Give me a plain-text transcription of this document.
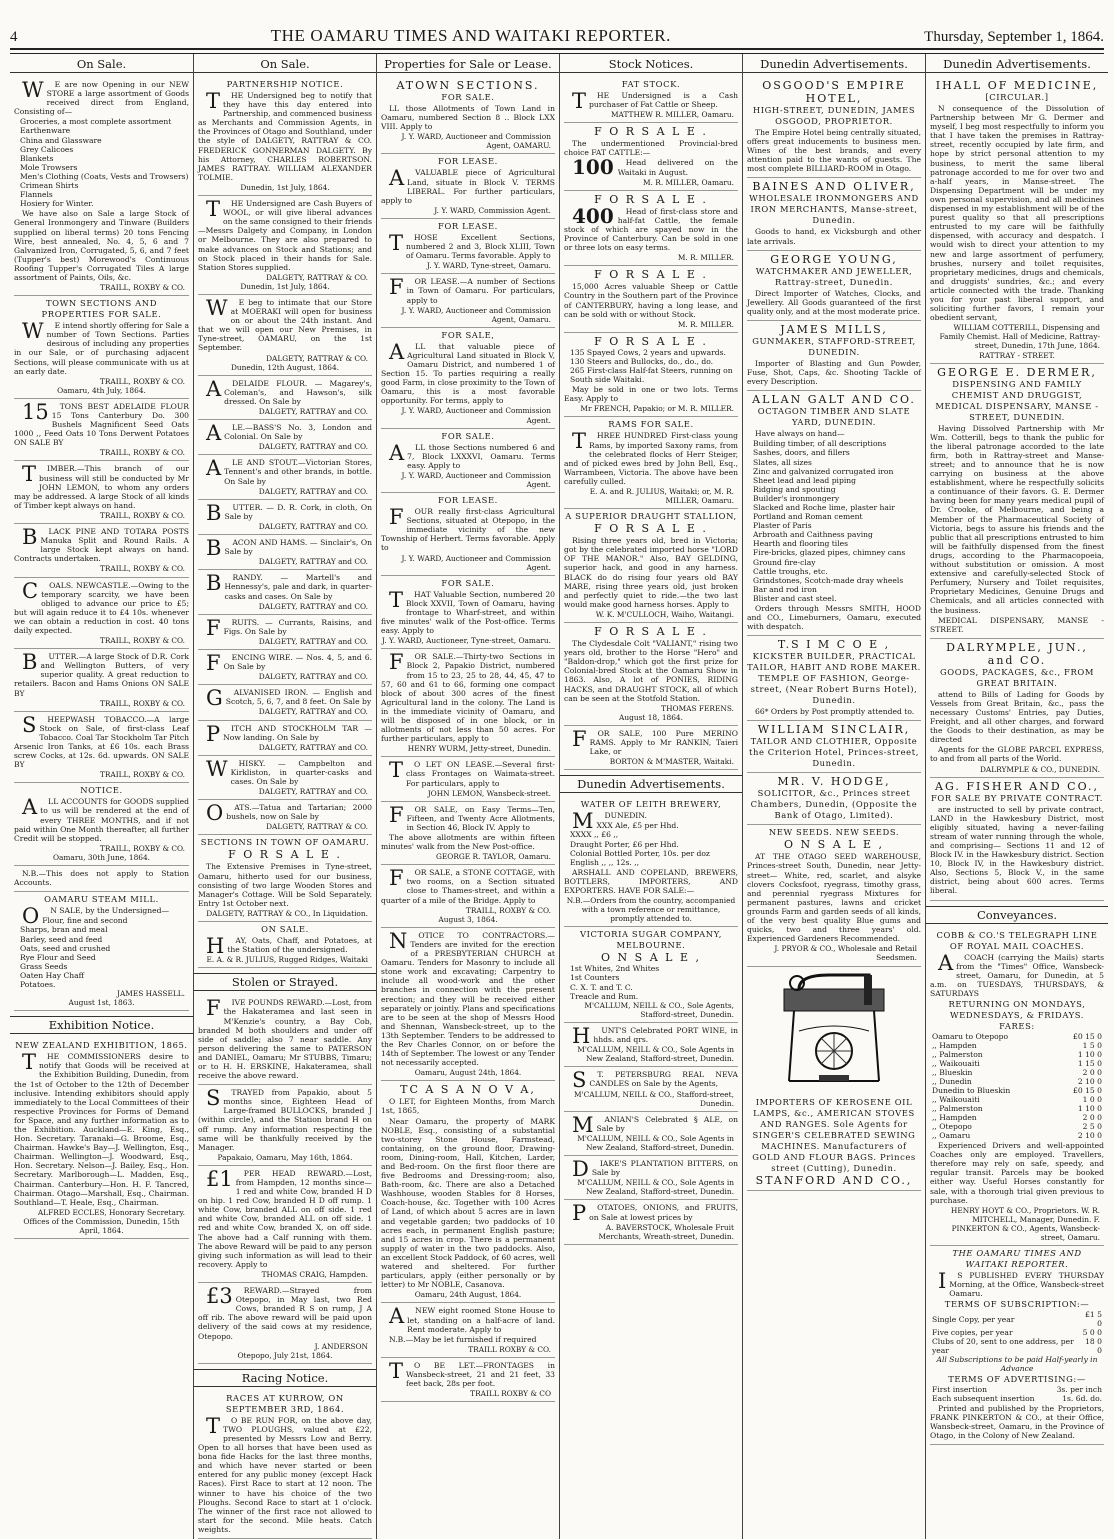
4	THE OAMARU TIMES AND WAITAKI REPORTER.	Thursday, September 1, 1864.
On Sale.

W E are now Opening in our NEW STORE a large assortment of Goods received direct from England, Consisting of—

Groceries, a most complete assortment
Earthenware
China and Glassware
Grey Calicoes
Blankets
Mole Trowsers
Men's Clothing (Coats, Vests and Trowsers)
Crimean Shirts
Flannels
Hosiery for Winter.

We have also on Sale a large Stock of General Ironmongery and Tinware (Builders supplied on liberal terms) 20 tons Fencing Wire, best annealed, No. 4, 5, 6 and 7 Galvanized Iron, Corrugated, 5, 6, and 7 feet (Tupper's best) Morewood's Continuous Roofing Tupper's Corrugated Tiles A large assortment of Paints, Oils, &c.

TRAILL, ROXBY & CO.
TOWN SECTIONS AND PROPERTIES FOR SALE.

W E intend shortly offering for Sale a number of Town Sections. Parties desirous of including any properties in our Sale, or of purchasing adjacent Sections, will please communicate with us at an early date.

TRAILL, ROXBY & CO.
Oamaru, 4th July, 1864.

15 TONS BEST ADELAIDE FLOUR 15 Tons Canterbury Do. 300 Bushels Magnificent Seed Oats 1000 ,, Feed Oats 10 Tons Derwent Potatoes ON SALE BY

TRAILL, ROXBY & CO.

T IMBER.—This branch of our business will still be conducted by Mr JOHN LEMON, to whom any orders may be addressed. A large Stock of all kinds of Timber kept always on hand.

TRAILL, ROXBY & CO.

B LACK PINE AND TOTARA POSTS Manuka Split and Round Rails. A large Stock kept always on hand. Contracts undertaken.

TRAILL, ROXBY & CO.

C OALS. NEWCASTLE.—Owing to the temporary scarcity, we have been obliged to advance our price to £5; but will again reduce it to £4 10s. whenever we can obtain a reduction in cost. 40 tons daily expected.

TRAILL, ROXBY & CO.

B UTTER.—A large Stock of D.R. Cork and Wellington Butters, of very superior quality. A great reduction to retailers. Bacon and Hams Onions ON SALE BY

TRAILL, ROXBY & CO.

S HEEPWASH TOBACCO.—A large Stock on Sale, of first-class Leaf Tobacco. Coal Tar Stockholm Tar Pitch Arsenic Iron Tanks, at £6 10s. each Brass screw Cocks, at 12s. 6d. upwards. ON SALE BY

TRAILL, ROXBY & CO.
NOTICE.

A LL ACCOUNTS for GOODS supplied to us will be rendered at the end of every THREE MONTHS, and if not paid within One Month thereafter, all further Credit will be stopped.

TRAILL, ROXBY & CO.
Oamaru, 30th June, 1864.

N.B.—This does not apply to Station Accounts.

OAMARU STEAM MILL.

O N SALE, by the Undersigned—

Flour, fine and second
Sharps, bran and meal
Barley, seed and feed
Oats, seed and crushed
Rye Flour and Seed
Grass Seeds
Oaten Hay Chaff
Potatoes.
JAMES HASSELL.
August 1st, 1863.
Exhibition Notice.
NEW ZEALAND EXHIBITION, 1865.

T HE COMMISSIONERS desire to notify that Goods will be received at the Exhibition Building, Dunedin, from the 1st of October to the 12th of December inclusive. Intending exhibitors should apply immediately to the Local Committees of their respective Provinces for Forms of Demand for Space, and any further information as to the Exhibition. Auckland—E. King, Esq., Hon. Secretary. Taranaki—G. Broome, Esq., Chairman. Hawke's Bay—J. Wellington, Esq., Chairman. Wellington—J. Woodward, Esq., Hon. Secretary. Nelson—J. Bailey, Esq., Hon. Secretary. Marlborough—L. Madden, Esq., Chairman. Canterbury—Hon. H. F. Tancred, Chairman. Otago—Marshall, Esq., Chairman. Southland—T. Heale, Esq., Chairman.

ALFRED ECCLES, Honorary Secretary.
Offices of the Commission, Dunedin, 15th April, 1864.
On Sale.
PARTNERSHIP NOTICE.

T HE Undersigned beg to notify that they have this day entered into Partnership, and commenced business as Merchants and Commission Agents, in the Provinces of Otago and Southland, under the style of DALGETY, RATTRAY & CO. FREDERICK GONNERMAN DALGETY. By his Attorney, CHARLES ROBERTSON. JAMES RATTRAY. WILLIAM ALEXANDER TOLMIE.

Dunedin, 1st July, 1864.

T HE Undersigned are Cash Buyers of WOOL, or will give liberal advances on the same consigned to their friends—Messrs Dalgety and Company, in London or Melbourne. They are also prepared to make advances on Stock and Stations; and on Stock placed in their hands for Sale. Station Stores supplied.

DALGETY, RATTRAY & CO.
Dunedin, 1st July, 1864.

W E beg to intimate that our Store at MOERAKI will open for business on or about the 24th instant. And that we will open our New Premises, in Tyne-street, OAMARU, on the 1st September.

DALGETY, RATTRAY & CO.
Dunedin, 12th August, 1864.

A DELAIDE FLOUR. — Magarey's, Coleman's, and Hawson's, silk dressed. On Sale by

DALGETY, RATTRAY and CO.

A LE.—BASS'S No. 3, London and Colonial. On Sale by

DALGETY, RATTRAY and CO.

A LE AND STOUT.—Victorian Stores, Tennent's and other brands, in bottle. On Sale by

DALGETY, RATTRAY and CO.

B UTTER. — D. R. Cork, in cloth, On Sale by

DALGETY, RATTRAY and CO.

B ACON AND HAMS. — Sinclair's, On Sale by

DALGETY, RATTRAY and CO.

B RANDY. — Martell's and Hennessy's, pale and dark, in quarter-casks and cases. On Sale by

DALGETY, RATTRAY and CO.

F RUITS. — Currants, Raisins, and Figs. On Sale by

DALGETY, RATTRAY and CO.

F ENCING WIRE. — Nos. 4, 5, and 6. On Sale by

DALGETY, RATTRAY and CO.

G ALVANISED IRON. — English and Scotch, 5, 6, 7, and 8 feet. On Sale by

DALGETY, RATTRAY and CO.

P ITCH AND STOCKHOLM TAR — Now landing. On Sale by

DALGETY, RATTRAY and CO.

W HISKY. — Campbelton and Kirkliston, in quarter-casks and cases. On Sale by

DALGETY, RATTRAY and CO.

O ATS.—Tatua and Tartarian; 2000 bushels, now on Sale by

DALGETY, RATTRAY & CO.
SECTIONS IN TOWN OF OAMARU.
F O R S A L E .

The Extensive Premises in Tyne-street, Oamaru, hitherto used for our business, consisting of two large Wooden Stores and Manager's Cottage. Will be Sold Separately. Entry 1st October next.

DALGETY, RATTRAY & CO., In Liquidation.
ON SALE.

H AY, Oats, Chaff, and Potatoes, at the Station of the undersigned.

E. A. & R. JULIUS, Rugged Ridges, Waitaki
Stolen or Strayed.

F IVE POUNDS REWARD.—Lost, from the Hakateramea and last seen in M'Kenzie's country, a Bay Cob, branded M both shoulders and under off side of saddle; also 7 near saddle. Any person delivering the same to PATERSON and DANIEL, Oamaru; Mr STUBBS, Timaru; or to H. H. ERSKINE, Hakateramea, shall receive the above reward.

S TRAYED from Papakio, about 5 months since, Eighteen Head of Large-framed BULLOCKS, branded J (within circle), and the Station brand H on off rump. Any information respecting the same will be thankfully received by the Manager.

Papakaio, Oamaru, May 16th, 1864.

£1 PER HEAD REWARD.—Lost, from Hampden, 12 months since—1 red and white Cow, branded H D on hip. 1 red Cow, branded H D off rump. 1 white Cow, branded ALL on off side. 1 red and white Cow, branded ALL on off side. 1 red and white Cow, branded X, on off side. The above had a Calf running with them. The above Reward will be paid to any person giving such information as will lead to their recovery. Apply to

THOMAS CRAIG, Hampden.

£3 REWARD.—Strayed from Otepopo, in May last, two Red Cows, branded R S on rump, J A off rib. The above reward will be paid upon delivery of the said cows at my residence, Otepopo.

J. ANDERSON
Otepopo, July 21st, 1864.
Racing Notice.
RACES AT KURROW, ON SEPTEMBER 3RD, 1864.

T O BE RUN FOR, on the above day, TWO PLOUGHS, valued at £22, presented by Messrs Low and Berry. Open to all horses that have been used as bona fide Hacks for the last three months, and which have never started or been entered for any public money (except Hack Races). First Race to start at 12 noon. The winner to have his choice of the two Ploughs. Second Race to start at 1 o'clock. The winner of the first race not allowed to start for the second. Mile heats. Catch weights.

Properties for Sale or Lease.
ATOWN SECTIONS.
FOR SALE.

LL those Allotments of Town Land in Oamaru, numbered Section 8 .. Block LXX VIII. Apply to

J. Y. WARD, Auctioneer and Commission Agent, OAMARU.
FOR LEASE.

A VALUABLE piece of Agricultural Land, situate in Block V. TERMS LIBERAL. For further particulars, apply to

J. Y. WARD, Commission Agent.
FOR LEASE.

T HOSE Excellent Sections, numbered 2 and 3, Block XLIII, Town of Oamaru. Terms favorable. Apply to

J. Y. WARD, Tyne-street, Oamaru.

F OR LEASE.—A number of Sections in Town of Oamaru. For particulars, apply to

J. Y. WARD, Auctioneer and Commission Agent, Oamaru.
FOR SALE,

A LL that valuable piece of Agricultural Land situated in Block V, Oamaru District, and numbered 1 of Section 15. To parties requiring a really good Farm, in close proximity to the Town of Oamaru, this is a most favorable opportunity. For terms, apply to

J. Y. WARD, Auctioneer and Commission Agent.
FOR SALE.

A LL those Sections numbered 6 and 7, Block LXXXVI, Oamaru. Terms easy. Apply to

J. Y. WARD, Auctioneer and Commission Agent.
FOR LEASE.

F OUR really first-class Agricultural Sections, situated at Otepopo, in the immediate vicinity of the new Township of Herbert. Terms favorable. Apply to

J. Y. WARD, Auctioneer and Commission Agent.
FOR SALE.

T HAT Valuable Section, numbered 20 Block XXVII, Town of Oamaru, having frontage to Wharf-street, and within five minutes' walk of the Post-office. Terms easy. Apply to

J. Y. WARD, Auctioneer, Tyne-street, Oamaru.

F OR SALE.—Thirty-two Sections in Block 2, Papakio District, numbered from 15 to 23, 25 to 28, 44, 45, 47 to 57, 60 and 61 to 66, forming one compact block of about 300 acres of the finest Agricultural land in the colony. The Land is in the immediate vicinity of Oamaru, and will be disposed of in one block, or in allotments of not less than 50 acres. For further particulars, apply to

HENRY WURM, Jetty-street, Dunedin.

T O LET ON LEASE.—Several first-class Frontages on Waimata-street. For particulars, apply to

JOHN LEMON, Wansbeck-street.

F OR SALE, on Easy Terms—Ten, Fifteen, and Twenty Acre Allotments, in Section 46, Block IV. Apply to

The above allotments are within fifteen minutes' walk from the New Post-office.

GEORGE R. TAYLOR, Oamaru.

F OR SALE, a STONE COTTAGE, with two rooms, on a Section situated close to Thames-street, and within a quarter of a mile of the Bridge. Apply to

TRAILL, ROXBY & CO.
August 3, 1864.

N OTICE TO CONTRACTORS.—Tenders are invited for the erection of a PRESBYTERIAN CHURCH at Oamaru. Tenders for Masonry to include all stone work and excavating; Carpentry to include all wood-work and the other branches in connection with the present erection; and they will be received either separately or jointly. Plans and specifications are to be seen at the shop of Messrs Hood and Shennan, Wansbeck-street, up to the 13th September. Tenders to be addressed to the Rev Charles Connor, on or before the 14th of September. The lowest or any Tender not necessarily accepted.

Oamaru, August 24th, 1864.
TC A S A N O V A,

O LET, for Eighteen Months, from March 1st, 1865,

Near Oamaru, the property of MARK NOBLE, Esq., consisting of a substantial two-storey Stone House, Farmstead, containing, on the ground floor, Drawing-room, Dining-room, Hall, Kitchen, Larder, and Bed-room. On the first floor there are five Bedrooms and Dressing-room; also, Bath-room, &c. There are also a Detached Washhouse, wooden Stables for 8 Horses, Coach-house, &c. Together with 100 Acres of Land, of which about 5 acres are in lawn and vegetable garden; two paddocks of 10 acres each, in permanent English pasture; and 15 acres in crop. There is a permanent supply of water in the two paddocks. Also, an excellent Stock Paddock, of 60 acres, well watered and sheltered. For further particulars, apply (either personally or by letter) to Mr NOBLE, Casanova.

Oamaru, 24th August, 1864.

A NEW eight roomed Stone House to let, standing on a half-acre of land. Rent moderate. Apply to

N.B.—May be let furnished if required

TRAILL ROXBY & CO.

T O BE LET.—FRONTAGES in Wansbeck-street, 21 and 21 feet, 33 feet back, 28s per foot.

TRAILL ROXBY & CO
Stock Notices.
FAT STOCK.

T HE Undersigned is a Cash purchaser of Fat Cattle or Sheep.

MATTHEW R. MILLER, Oamaru.
F O R S A L E .

The undermentioned Provincial-bred choice FAT CATTLE:—

100	Head delivered on the Waitaki in August.

M. R. MILLER, Oamaru.
F O R S A L E .

400	Head of first-class store and half-fat Cattle, the female stock of which are spayed now in the Province of Canterbury. Can be sold in one or three lots on easy terms.

M. R. MILLER.
F O R S A L E .

15,000 Acres valuable Sheep or Cattle Country in the Southern part of the Province of CANTERBURY, having a long lease, and can be sold with or without Stock.

M. R. MILLER.
F O R S A L E .
135 Spayed Cows, 2 years and upwards.
130 Steers and Bullocks, do., do., do.
265 First-class Half-fat Steers, running on South side Waitaki.

May be sold in one or two lots. Terms Easy. Apply to

Mr FRENCH, Papakio; or M. R. MILLER.
RAMS FOR SALE.

T HREE HUNDRED First-class young Rams, by imported Saxony rams, from the celebrated flocks of Herr Steiger, and of picked ewes bred by John Bell, Esq., Warrambeen, Victoria. The above have been carefully culled.

E. A. and R. JULIUS, Waitaki; or, M. R. MILLER, Oamaru.
A SUPERIOR DRAUGHT STALLION,
F O R S A L E .

Rising three years old, bred in Victoria; got by the celebrated imported horse "LORD OF THE MANOR." Also, BAY GELDING, superior hack, and good in any harness. BLACK do do rising four years old BAY MARE, rising three years old, just broken and perfectly quiet to ride.—the two last would make good harness horses. Apply to

W. K. M'CULLOCH, Waiho, Waitangi.
F O R S A L E .

The Clydesdale Colt "VALIANT," rising two years old, brother to the Horse "Hero" and "Baldon-drop," which got the first prize for Colonial-bred Stock at the Oamaru Show in 1863. Also, A lot of PONIES, RIDING HACKS, and DRAUGHT STOCK, all of which can be seen at the Stotfold Station.

THOMAS FERENS.
August 18, 1864.

F OR SALE, 100 Pure MERINO RAMS. Apply to Mr RANKIN, Taieri Lake, or

BORTON & M'MASTER, Waitaki.
Dunedin Advertisements.
WATER OF LEITH BREWERY,

M DUNEDIN.

XXX Ale, £5 per Hhd.
XXXX ,, £6 ,,
Draught Porter, £6 per Hhd.
Colonial Bottled Porter, 10s. per doz
English ,, ,, 12s. ,,

ARSHALL AND COPELAND, BREWERS, BOTTLERS, IMPORTERS, AND EXPORTERS. HAVE FOR SALE:—

N.B.—Orders from the country, accompanied with a town reference or remittance, promptly attended to.
VICTORIA SUGAR COMPANY, MELBOURNE.
O N S A L E ,
1st Whites, 2nd Whites
1st Counters
C. X. T. and T. C.
Treacle and Rum.
M'CALLUM, NEILL & CO., Sole Agents, Stafford-street, Dunedin.

H UNT'S Celebrated PORT WINE, in hhds. and qrs.

M'CALLUM, NEILL & CO., Sole Agents in New Zealand, Stafford-street, Dunedin.

S T. PETERSBURG REAL NEVA CANDLES on Sale by the Agents,

M'CALLUM, NEILL & CO., Stafford-street, Dunedin.

M ANIAN'S Celebrated § ALE, on Sale by

M'CALLUM, NEILL & CO., Sole Agents in New Zealand, Stafford-street, Dunedin.

D IAKE'S PLANTATION BITTERS, on Sale by

M'CALLUM, NEILL & CO., Sole Agents in New Zealand, Stafford-street, Dunedin.

P OTATOES, ONIONS, and FRUITS, on Sale at lowest prices by

A. BAVERSTOCK, Wholesale Fruit Merchants, Wreath-street, Dunedin.
Dunedin Advertisements.
OSGOOD'S EMPIRE HOTEL,
HIGH-STREET, DUNEDIN, JAMES OSGOOD, PROPRIETOR.

The Empire Hotel being centrally situated, offers great inducements to business men. Wines of the best brands, and every attention paid to the wants of guests. The most complete BILLIARD-ROOM in Otago.

BAINES AND OLIVER,
WHOLESALE IRONMONGERS AND IRON MERCHANTS, Manse-street, Dunedin.

Goods to hand, ex Vicksburgh and other late arrivals.

GEORGE YOUNG,
WATCHMAKER AND JEWELLER, Rattray-street, Dunedin.

Direct Importer of Watches, Clocks, and Jewellery. All Goods guaranteed of the first quality only, and at the most moderate price.

JAMES MILLS,
GUNMAKER, STAFFORD-STREET, DUNEDIN.

Importer of Blasting and Gun Powder, Fuse, Shot, Caps, &c. Shooting Tackle of every Description.

ALLAN GALT AND CO.
OCTAGON TIMBER AND SLATE YARD, DUNEDIN.

Have always on hand—

Building timber, of all descriptions
Sashes, doors, and fillers
Slates, all sizes
Zinc and galvanized corrugated iron
Sheet lead and lead piping
Ridging and spouting
Builder's ironmongery
Slacked and Roche lime, plaster hair
Portland and Roman cement
Plaster of Paris
Arbroath and Caithness paving
Hearth and flooring tiles
Fire-bricks, glazed pipes, chimney cans
Ground fire-clay
Cattle troughs, etc.
Grindstones, Scotch-made dray wheels
Bar and rod iron
Blister and cast steel.

Orders through Messrs SMITH, HOOD and CO., Limeburners, Oamaru, executed with despatch.

T.S I M C O E ,
KICKSTER BUILDER, PRACTICAL TAILOR, HABIT AND ROBE MAKER. TEMPLE OF FASHION, George-street, (Near Robert Burns Hotel), Dunedin.

66* Orders by Post promptly attended to.

WILLIAM SINCLAIR,
TAILOR AND CLOTHIER, Opposite the Criterion Hotel, Princes-street, Dunedin.
MR. V. HODGE,
SOLICITOR, &c., Princes street Chambers, Dunedin, (Opposite the Bank of Otago, Limited).
NEW SEEDS. NEW SEEDS.
O N S A L E ,

AT THE OTAGO SEED WAREHOUSE, Princes-street South, Dunedin, near Jetty-street— White, red, scarlet, and alsyke clovers Cocksfoot, ryegrass, timothy grass, and perennial ryegrass Mixtures for permanent pastures, lawns and cricket grounds Farm and garden seeds of all kinds, of the very best quality Blue gums and quicks, two and three years' old. Experienced Gardeners Recommended.

J. PRYOR & CO., Wholesale and Retail Seedsmen.
IMPORTERS OF KEROSENE OIL LAMPS, &c., AMERICAN STOVES AND RANGES. Sole Agents for SINGER'S CELEBRATED SEWING MACHINES. Manufacturers of GOLD AND FLOUR BAGS. Princes street (Cutting), Dunedin.
STANFORD AND CO.,
Dunedin Advertisements.
IHALL OF MEDICINE,
[CIRCULAR.]

N consequence of the Dissolution of Partnership between Mr G. Dermer and myself, I beg most respectfully to inform you that I have taken the premises in Rattray-street, recently occupied by late firm, and hope by strict personal attention to my business, to merit the same liberal patronage accorded to me for over two and a-half years, in Manse-street. The Dispensing Department will be under my own personal supervision, and all medicines dispensed in my establishment will be of the purest quality so that all prescriptions entrusted to my care will be faithfully dispensed, with accuracy and despatch. I would wish to direct your attention to my new and large assortment of perfumery, brushes, nursery and toilet requisites, proprietary medicines, drugs and chemicals, and druggists' sundries, &c.; and every article connected with the trade. Thanking you for your past liberal support, and soliciting further favors, I remain your obedient servant,

WILLIAM COTTERILL, Dispensing and Family Chemist. Hall of Medicine, Rattray-street, Dunedin, 17th June, 1864.
RATTRAY - STREET.
GEORGE E. DERMER,
DISPENSING AND FAMILY CHEMIST AND DRUGGIST, MEDICAL DISPENSARY, MANSE - STREET, DUNEDIN.

Having Dissolved Partnership with Mr Wm. Cotterill, begs to thank the public for the liberal patronage accorded to the late firm, both in Rattray-street and Manse-street; and to announce that he is now carrying on business at the above establishment, where he respectfully solicits a continuance of their favors. G. E. Dermer having been for many years medical pupil of Dr. Crooke, of Melbourne, and being a Member of the Pharmaceutical Society of Victoria, begs to assure his friends and the public that all prescriptions entrusted to him will be faithfully dispensed from the finest drugs, according to the Pharmacopoeia, without substitution or omission. A most extensive and carefully-selected Stock of Perfumery, Nursery and Toilet requisites, Proprietary Medicines, Genuine Drugs and Chemicals, and all articles connected with the business.

MEDICAL DISPENSARY, MANSE - STREET.

DALRYMPLE, JUN., and CO.
GOODS, PACKAGES, &c., FROM GREAT BRITAIN.

attend to Bills of Lading for Goods by Vessels from Great Britain, &c., pass the necessary Customs' Entries, pay Duties, Freight, and all other charges, and forward the Goods to their destination, as may be directed

Agents for the GLOBE PARCEL EXPRESS, to and from all parts of the World.

DALRYMPLE & CO., DUNEDIN.
AG. FISHER AND CO.,
FOR SALE BY PRIVATE CONTRACT.

are instructed to sell by private contract, LAND in the Hawkesbury District, most eligibly situated, having a never-failing stream of water running through the whole, and comprising— Sections 11 and 12 of Block IV. in the Hawkesbury district. Section 10, Block IV, in the Hawkesbury district. Also, Sections 5, Block V., in the same district, being about 600 acres. Terms liberal.

Conveyances.
COBB & CO.'S TELEGRAPH LINE OF ROYAL MAIL COACHES.

A COACH (carrying the Mails) starts from the "Times" Office, Wansbeck-street, Oamaru, for Dunedin, at 5 a.m. on TUESDAYS, THURSDAYS, & SATURDAYS

RETURNING ON MONDAYS, WEDNESDAYS, & FRIDAYS.
FARES:
Oamaru to Otepopo	£0 15 0
,, Hampden	1 5 0
,, Palmerston	1 10 0
,, Waikouaiti	1 15 0
,, Blueskin	2 0 0
,, Dunedin	2 10 0
Dunedin to Blueskin	£0 15 0
,, Waikouaiti	1 0 0
,, Palmerston	1 10 0
,, Hampden	2 0 0
,, Otepopo	2 5 0
,, Oamaru	2 10 0

Experienced Drivers and well-appointed Coaches only are employed. Travellers, therefore may rely on safe, speedy, and regular transit. Parcels may be booked either way. Useful Horses constantly for sale, with a thorough trial given previous to purchase.

HENRY HOYT & CO., Proprietors. W. R. MITCHELL, Manager, Dunedin. F. PINKERTON & CO., Agents, Wansbeck-street, Oamaru.
THE OAMARU TIMES AND WAITAKI REPORTER.

I S PUBLISHED EVERY THURSDAY Morning, at the Office, Wansbeck-street Oamaru.

TERMS OF SUBSCRIPTION:—
Single Copy, per year	£1 5 0
Five copies, per year	5 0 0
Clubs of 20, sent to one address, per year	18 0 0
All Subscriptions to be paid Half-yearly in Advance
TERMS OF ADVERTISING:—
First insertion	3s. per inch
Each subsequent insertion	1s. 6d. do.

Printed and published by the Proprietors, FRANK PINKERTON & CO., at their Office, Wansbeck-street, Oamaru, in the Province of Otago, in the Colony of New Zealand.
